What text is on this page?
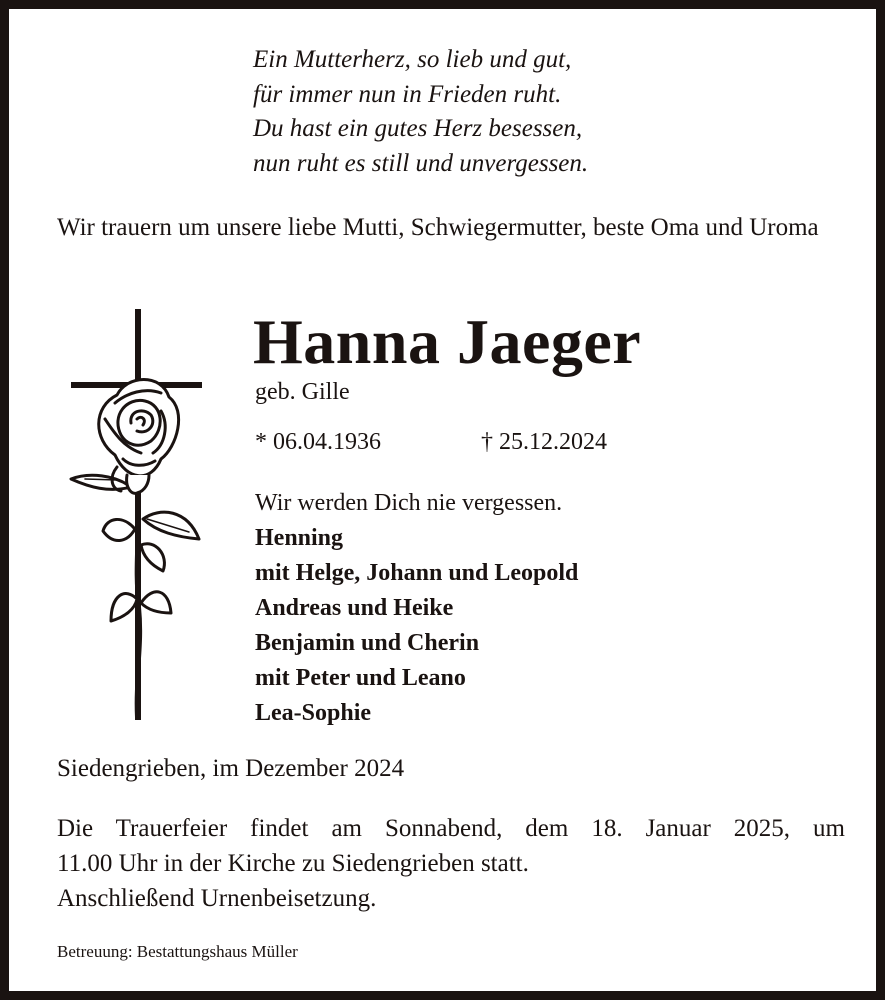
Ein Mutterherz, so lieb und gut,
für immer nun in Frieden ruht.
Du hast ein gutes Herz besessen,
nun ruht es still und unvergessen.
Wir trauern um unsere liebe Mutti, Schwiegermutter, beste Oma und Uroma
Hanna Jaeger
geb. Gille
* 06.04.1936	† 25.12.2024
Wir werden Dich nie vergessen.
Henning
mit Helge, Johann und Leopold
Andreas und Heike
Benjamin und Cherin
mit Peter und Leano
Lea-Sophie
Siedengrieben, im Dezember 2024
Die Trauerfeier findet am Sonnabend, dem 18. Januar 2025, um
11.00 Uhr in der Kirche zu Siedengrieben statt.
Anschließend Urnenbeisetzung.
Betreuung: Bestattungshaus Müller
